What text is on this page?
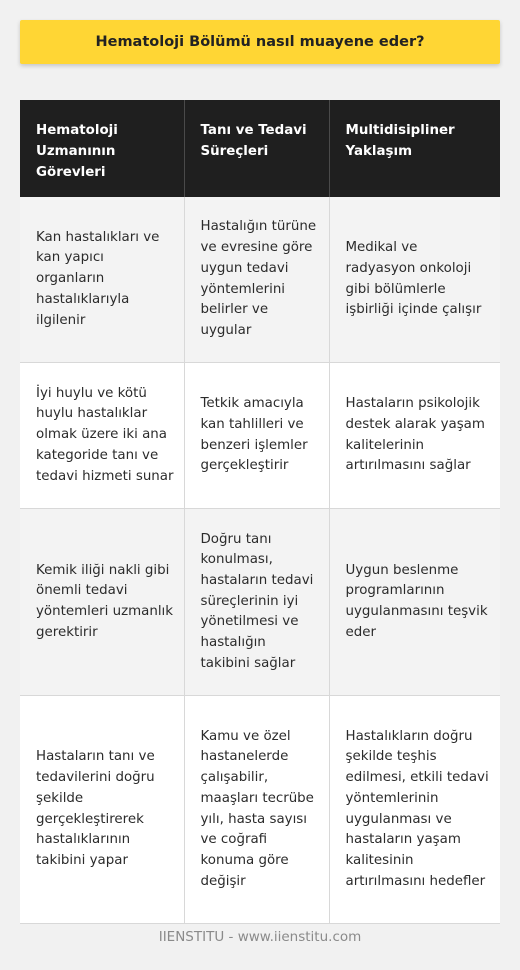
Hematoloji Bölümü nasıl muayene eder?
Hematoloji Uzmanının Görevleri	Tanı ve Tedavi Süreçleri	Multidisipliner Yaklaşım
Kan hastalıkları ve kan yapıcı organların hastalıklarıyla ilgilenir	Hastalığın türüne ve evresine göre uygun tedavi yöntemlerini belirler ve uygular	Medikal ve radyasyon onkoloji gibi bölümlerle işbirliği içinde çalışır
İyi huylu ve kötü huylu hastalıklar olmak üzere iki ana kategoride tanı ve tedavi hizmeti sunar	Tetkik amacıyla kan tahlilleri ve benzeri işlemler gerçekleştirir	Hastaların psikolojik destek alarak yaşam kalitelerinin artırılmasını sağlar
Kemik iliği nakli gibi önemli tedavi yöntemleri uzmanlık gerektirir	Doğru tanı konulması, hastaların tedavi süreçlerinin iyi yönetilmesi ve hastalığın takibini sağlar	Uygun beslenme programlarının uygulanmasını teşvik eder
Hastaların tanı ve tedavilerini doğru şekilde gerçekleştirerek hastalıklarının takibini yapar	Kamu ve özel hastanelerde çalışabilir, maaşları tecrübe yılı, hasta sayısı ve coğrafi konuma göre değişir	Hastalıkların doğru şekilde teşhis edilmesi, etkili tedavi yöntemlerinin uygulanması ve hastaların yaşam kalitesinin artırılmasını hedefler
IIENSTITU - www.iienstitu.com
